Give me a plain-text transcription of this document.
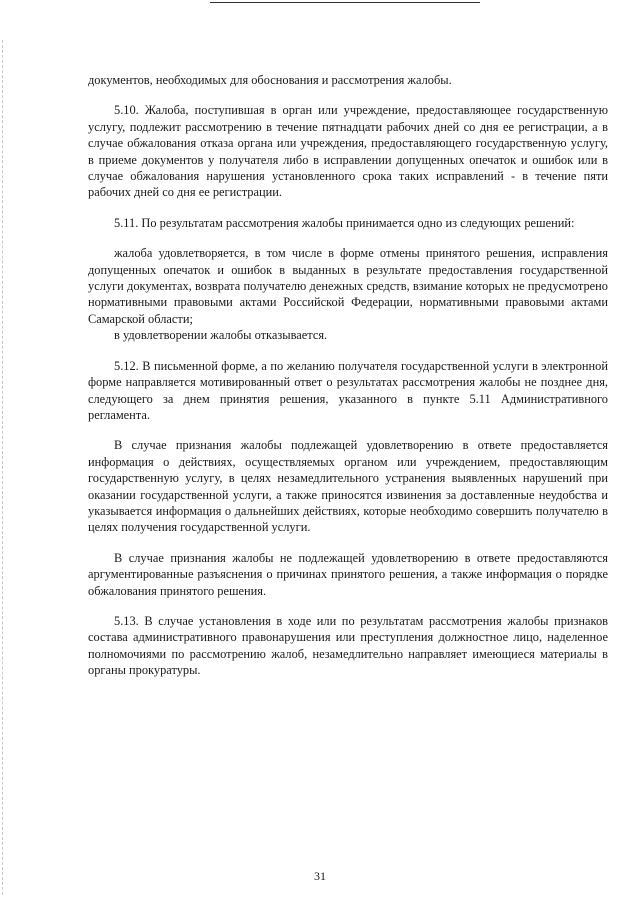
документов, необходимых для обоснования и рассмотрения жалобы.

5.10. Жалоба, поступившая в орган или учреждение, предоставляющее государственную услугу, подлежит рассмотрению в течение пятнадцати рабочих дней со дня ее регистрации, а в случае обжалования отказа органа или учреждения, предоставляющего государственную услугу, в приеме документов у получателя либо в исправлении допущенных опечаток и ошибок или в случае обжалования нарушения установленного срока таких исправлений - в течение пяти рабочих дней со дня ее регистрации.

5.11. По результатам рассмотрения жалобы принимается одно из следующих решений:

жалоба удовлетворяется, в том числе в форме отмены принятого решения, исправления допущенных опечаток и ошибок в выданных в результате предоставления государственной услуги документах, возврата получателю денежных средств, взимание которых не предусмотрено нормативными правовыми актами Российской Федерации, нормативными правовыми актами Самарской области;

в удовлетворении жалобы отказывается.

5.12. В письменной форме, а по желанию получателя государственной услуги в электронной форме направляется мотивированный ответ о результатах рассмотрения жалобы не позднее дня, следующего за днем принятия решения, указанного в пункте 5.11 Административного регламента.

В случае признания жалобы подлежащей удовлетворению в ответе предоставляется информация о действиях, осуществляемых органом или учреждением, предоставляющим государственную услугу, в целях незамедлительного устранения выявленных нарушений при оказании государственной услуги, а также приносятся извинения за доставленные неудобства и указывается информация о дальнейших действиях, которые необходимо совершить получателю в целях получения государственной услуги.

В случае признания жалобы не подлежащей удовлетворению в ответе предоставляются аргументированные разъяснения о причинах принятого решения, а также информация о порядке обжалования принятого решения.

5.13. В случае установления в ходе или по результатам рассмотрения жалобы признаков состава административного правонарушения или преступления должностное лицо, наделенное полномочиями по рассмотрению жалоб, незамедлительно направляет имеющиеся материалы в органы прокуратуры.

31
